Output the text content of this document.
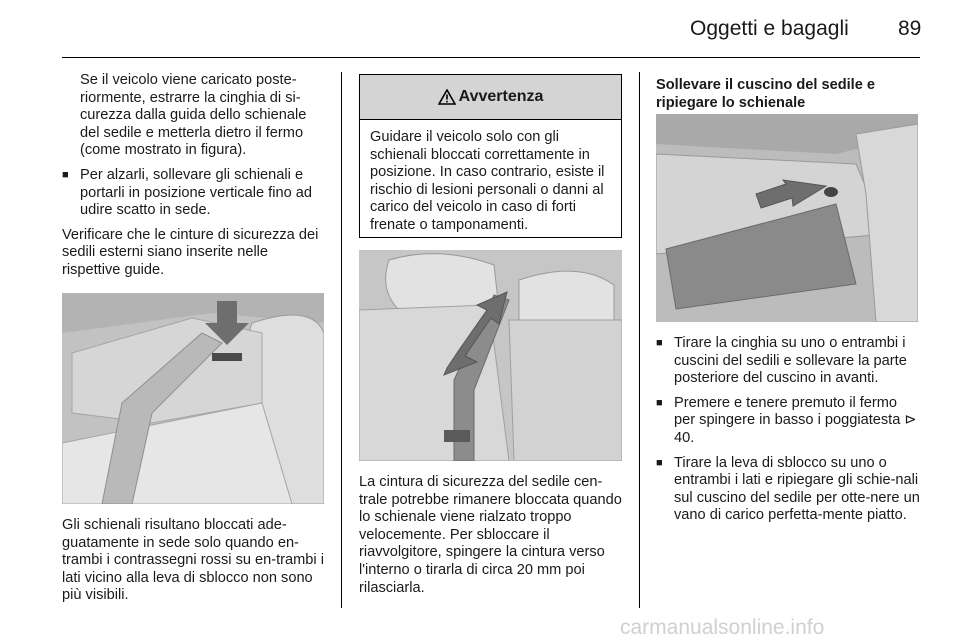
Oggetti e bagagli 89

Se il veicolo viene caricato poste-riormente, estrarre la cinghia di si-curezza dalla guida dello schienale del sedile e metterla dietro il fermo (come mostrato in figura).

■ Per alzarli, sollevare gli schienali e portarli in posizione verticale fino ad udire scatto in sede.

Verificare che le cinture di sicurezza dei sedili esterni siano inserite nelle rispettive guide.

Gli schienali risultano bloccati ade-guatamente in sede solo quando en-trambi i contrassegni rossi su en-trambi i lati vicino alla leva di sblocco non sono più visibili.

Avvertenza
Guidare il veicolo solo con gli schienali bloccati correttamente in posizione. In caso contrario, esiste il rischio di lesioni personali o danni al carico del veicolo in caso di forti frenate o tamponamenti.

La cintura di sicurezza del sedile cen-trale potrebbe rimanere bloccata quando lo schienale viene rialzato troppo velocemente. Per sbloccare il riavvolgitore, spingere la cintura verso l'interno o tirarla di circa 20 mm poi rilasciarla.

Sollevare il cuscino del sedile e ripiegare lo schienale

■ Tirare la cinghia su uno o entrambi i cuscini del sedili e sollevare la parte posteriore del cuscino in avanti.
■ Premere e tenere premuto il fermo per spingere in basso i poggiatesta ⊳ 40.
■ Tirare la leva di sblocco su uno o entrambi i lati e ripiegare gli schie-nali sul cuscino del sedile per otte-nere un vano di carico perfetta-mente piatto.
carmanualsonline.info
